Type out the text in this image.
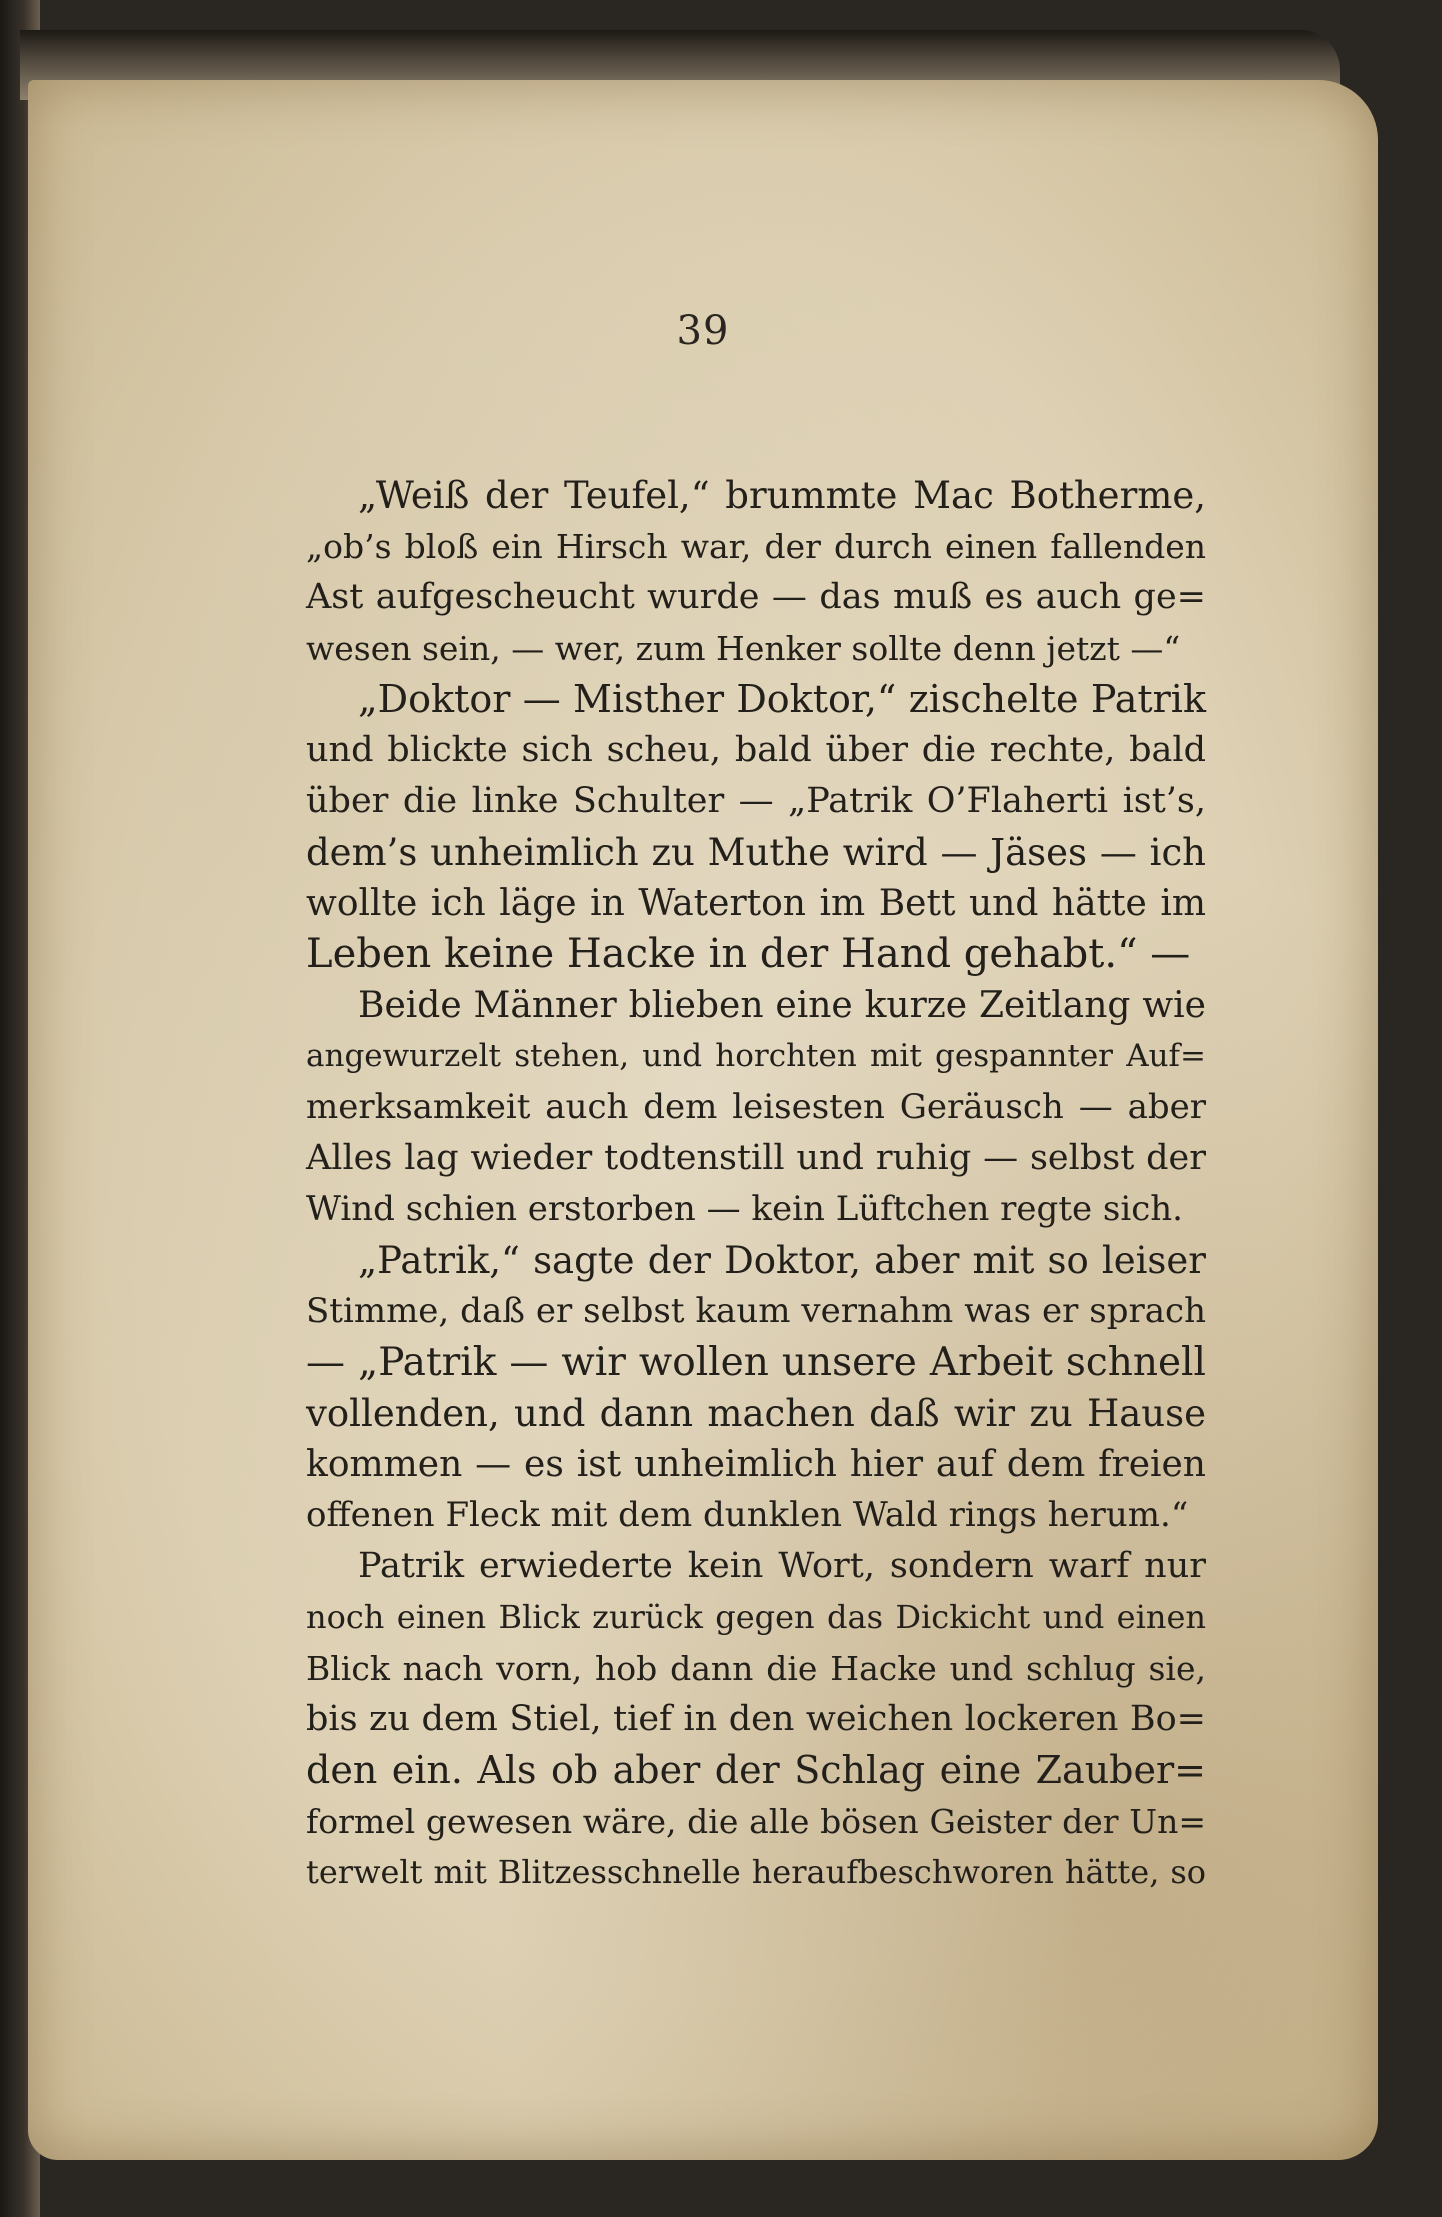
39
„Weiß der Teufel,“ brummte Mac Botherme,
„ob’s bloß ein Hirsch war, der durch einen fallenden
Ast aufgescheucht wurde — das muß es auch ge=
wesen sein, — wer, zum Henker sollte denn jetzt —“
„Doktor — Misther Doktor,“ zischelte Patrik
und blickte sich scheu, bald über die rechte, bald
über die linke Schulter — „Patrik O’Flaherti ist’s,
dem’s unheimlich zu Muthe wird — Jäses — ich
wollte ich läge in Waterton im Bett und hätte im
Leben keine Hacke in der Hand gehabt.“ —
Beide Männer blieben eine kurze Zeitlang wie
angewurzelt stehen, und horchten mit gespannter Auf=
merksamkeit auch dem leisesten Geräusch — aber
Alles lag wieder todtenstill und ruhig — selbst der
Wind schien erstorben — kein Lüftchen regte sich.
„Patrik,“ sagte der Doktor, aber mit so leiser
Stimme, daß er selbst kaum vernahm was er sprach
— „Patrik — wir wollen unsere Arbeit schnell
vollenden, und dann machen daß wir zu Hause
kommen — es ist unheimlich hier auf dem freien
offenen Fleck mit dem dunklen Wald rings herum.“
Patrik erwiederte kein Wort, sondern warf nur
noch einen Blick zurück gegen das Dickicht und einen
Blick nach vorn, hob dann die Hacke und schlug sie,
bis zu dem Stiel, tief in den weichen lockeren Bo=
den ein. Als ob aber der Schlag eine Zauber=
formel gewesen wäre, die alle bösen Geister der Un=
terwelt mit Blitzesschnelle heraufbeschworen hätte, so
